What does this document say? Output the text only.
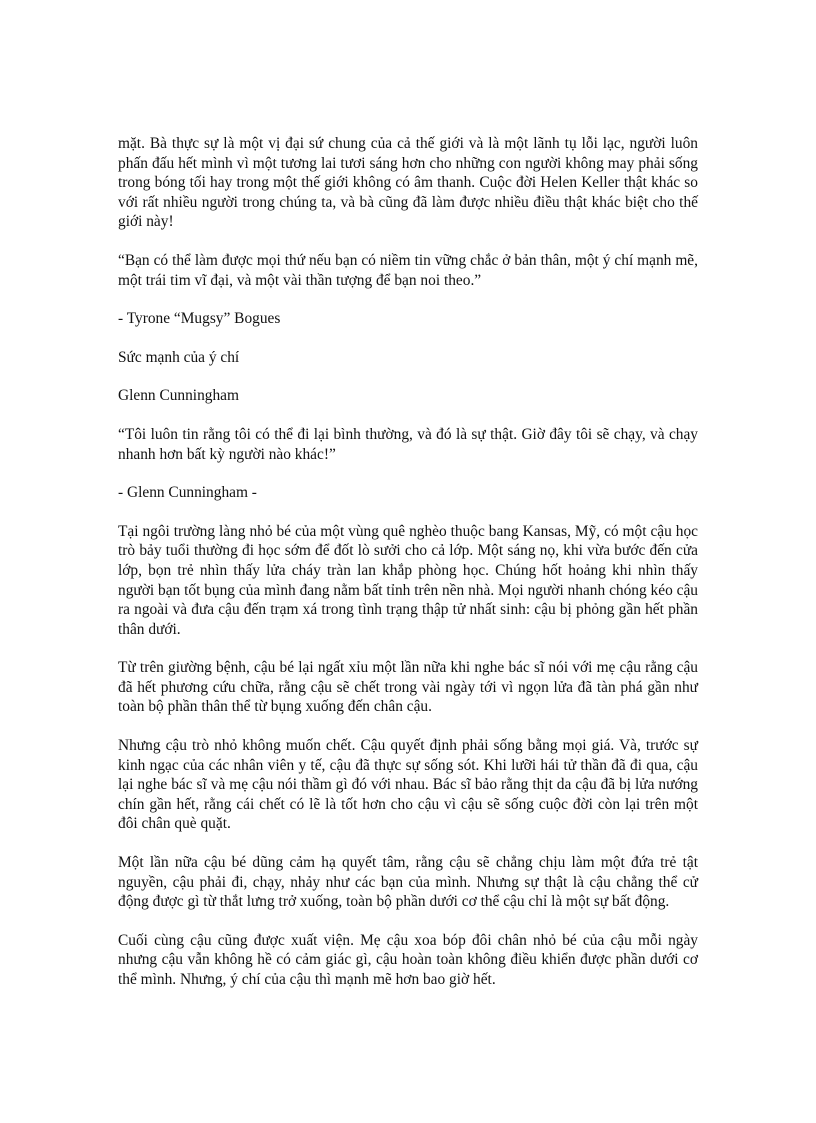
mặt. Bà thực sự là một vị đại sứ chung của cả thế giới và là một lãnh tụ lỗi lạc, người luôn phấn đấu hết mình vì một tương lai tươi sáng hơn cho những con người không may phải sống trong bóng tối hay trong một thế giới không có âm thanh. Cuộc đời Helen Keller thật khác so với rất nhiều người trong chúng ta, và bà cũng đã làm được nhiều điều thật khác biệt cho thế giới này!

“Bạn có thể làm được mọi thứ nếu bạn có niềm tin vững chắc ở bản thân, một ý chí mạnh mẽ, một trái tim vĩ đại, và một vài thần tượng để bạn noi theo.”

- Tyrone “Mugsy” Bogues

Sức mạnh của ý chí

Glenn Cunningham

“Tôi luôn tin rằng tôi có thể đi lại bình thường, và đó là sự thật. Giờ đây tôi sẽ chạy, và chạy nhanh hơn bất kỳ người nào khác!”

- Glenn Cunningham -

Tại ngôi trường làng nhỏ bé của một vùng quê nghèo thuộc bang Kansas, Mỹ, có một cậu học trò bảy tuổi thường đi học sớm để đốt lò sưởi cho cả lớp. Một sáng nọ, khi vừa bước đến cửa lớp, bọn trẻ nhìn thấy lửa cháy tràn lan khắp phòng học. Chúng hốt hoảng khi nhìn thấy người bạn tốt bụng của mình đang nằm bất tỉnh trên nền nhà. Mọi người nhanh chóng kéo cậu ra ngoài và đưa cậu đến trạm xá trong tình trạng thập tử nhất sinh: cậu bị phỏng gần hết phần thân dưới.

Từ trên giường bệnh, cậu bé lại ngất xỉu một lần nữa khi nghe bác sĩ nói với mẹ cậu rằng cậu đã hết phương cứu chữa, rằng cậu sẽ chết trong vài ngày tới vì ngọn lửa đã tàn phá gần như toàn bộ phần thân thể từ bụng xuống đến chân cậu.

Nhưng cậu trò nhỏ không muốn chết. Cậu quyết định phải sống bằng mọi giá. Và, trước sự kinh ngạc của các nhân viên y tế, cậu đã thực sự sống sót. Khi lưỡi hái tử thần đã đi qua, cậu lại nghe bác sĩ và mẹ cậu nói thầm gì đó với nhau. Bác sĩ bảo rằng thịt da cậu đã bị lửa nướng chín gần hết, rằng cái chết có lẽ là tốt hơn cho cậu vì cậu sẽ sống cuộc đời còn lại trên một đôi chân què quặt.

Một lần nữa cậu bé dũng cảm hạ quyết tâm, rằng cậu sẽ chẳng chịu làm một đứa trẻ tật nguyền, cậu phải đi, chạy, nhảy như các bạn của mình. Nhưng sự thật là cậu chẳng thể cử động được gì từ thắt lưng trở xuống, toàn bộ phần dưới cơ thể cậu chỉ là một sự bất động.

Cuối cùng cậu cũng được xuất viện. Mẹ cậu xoa bóp đôi chân nhỏ bé của cậu mỗi ngày nhưng cậu vẫn không hề có cảm giác gì, cậu hoàn toàn không điều khiển được phần dưới cơ thể mình. Nhưng, ý chí của cậu thì mạnh mẽ hơn bao giờ hết.
